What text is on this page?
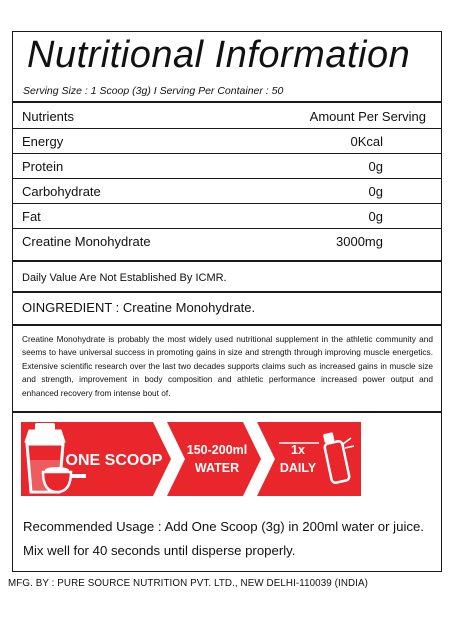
Nutritional Information
Serving Size : 1 Scoop (3g) I Serving Per Container : 50
Nutrients	Amount Per Serving
Energy	0Kcal
Protein	0g
Carbohydrate	0g
Fat	0g
Creatine Monohydrate	3000mg
Daily Value Are Not Established By ICMR.
OINGREDIENT : Creatine Monohydrate.
Creatine Monohydrate is probably the most widely used nutritional supplement in the athletic community and seems to have universal success in promoting gains in size and strength through improving muscle energetics. Extensive scientific research over the last two decades supports claims such as increased gains in muscle size and strength, improvement in body composition and athletic performance increased power output and enhanced recovery from intense bout of.
ONE SCOOP
150-200ml
WATER
1x
DAILY
Recommended Usage : Add One Scoop (3g) in 200ml water or juice. Mix well for 40 seconds until disperse properly.
MFG. BY : PURE SOURCE NUTRITION PVT. LTD., NEW DELHI-110039 (INDIA)
